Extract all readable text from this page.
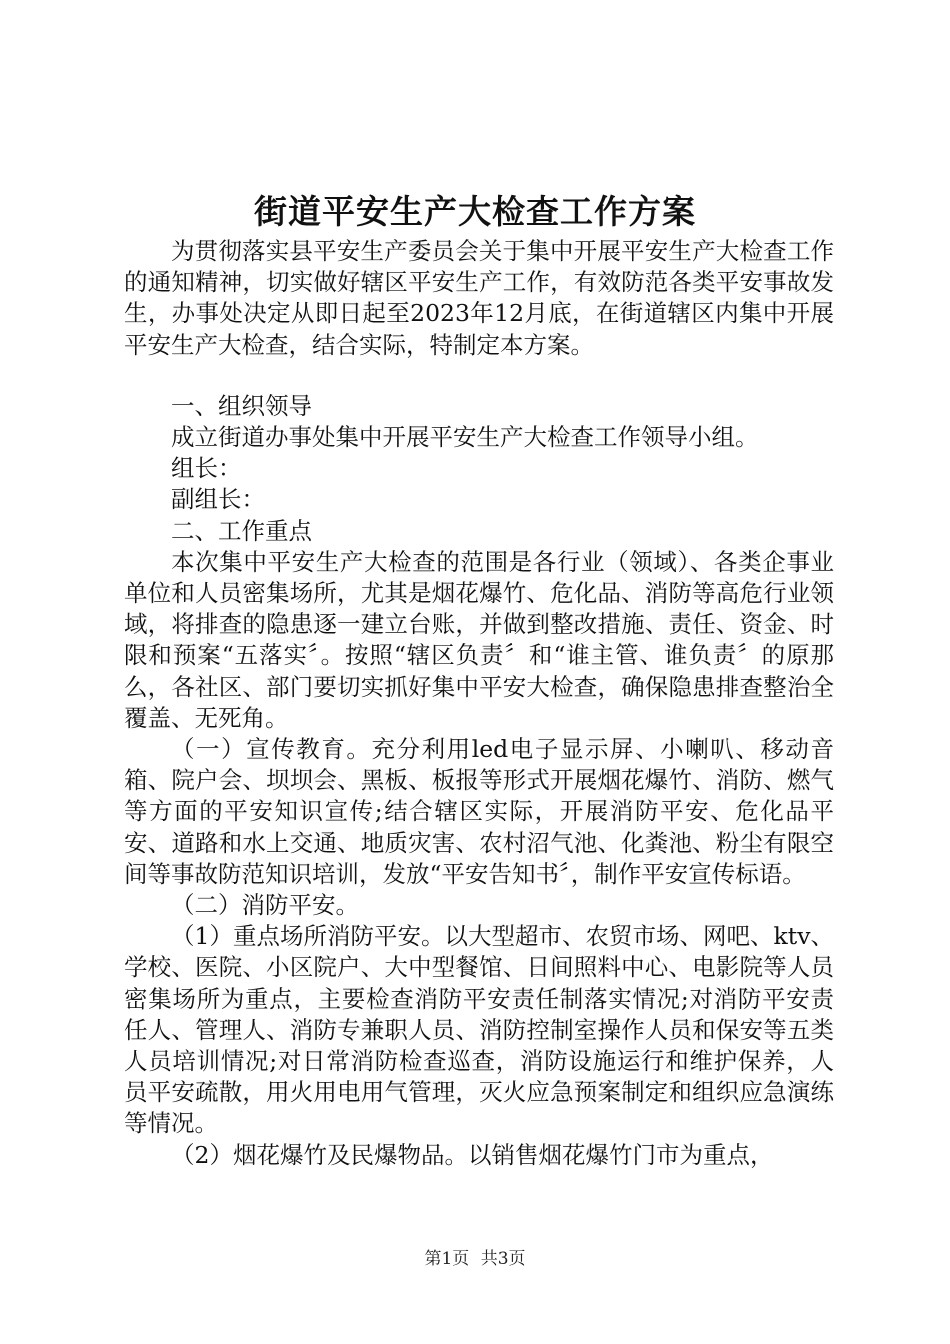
街道平安生产大检查工作方案

为贯彻落实县平安生产委员会关于集中开展平安生产大检查工作的通知精神，切实做好辖区平安生产工作，有效防范各类平安事故发生，办事处决定从即日起至2023年12月底，在街道辖区内集中开展平安生产大检查，结合实际，特制定本方案。

一、组织领导

成立街道办事处集中开展平安生产大检查工作领导小组。

组长：

副组长：

二、工作重点

本次集中平安生产大检查的范围是各行业（领域）、各类企事业单位和人员密集场所，尤其是烟花爆竹、危化品、消防等高危行业领域，将排查的隐患逐一建立台账，并做到整改措施、责任、资金、时限和预案“五落实〞。按照“辖区负责〞和“谁主管、谁负责〞的原那么，各社区、部门要切实抓好集中平安大检查，确保隐患排查整治全覆盖、无死角。

（一）宣传教育。充分利用led电子显示屏、小喇叭、移动音箱、院户会、坝坝会、黑板、板报等形式开展烟花爆竹、消防、燃气等方面的平安知识宣传;结合辖区实际，开展消防平安、危化品平安、道路和水上交通、地质灾害、农村沼气池、化粪池、粉尘有限空间等事故防范知识培训，发放“平安告知书〞，制作平安宣传标语。

（二）消防平安。

（1）重点场所消防平安。以大型超市、农贸市场、网吧、ktv、学校、医院、小区院户、大中型餐馆、日间照料中心、电影院等人员密集场所为重点，主要检查消防平安责任制落实情况;对消防平安责任人、管理人、消防专兼职人员、消防控制室操作人员和保安等五类人员培训情况;对日常消防检查巡查，消防设施运行和维护保养，人员平安疏散，用火用电用气管理，灭火应急预案制定和组织应急演练等情况。

（2）烟花爆竹及民爆物品。以销售烟花爆竹门市为重点，

第1页 共3页
